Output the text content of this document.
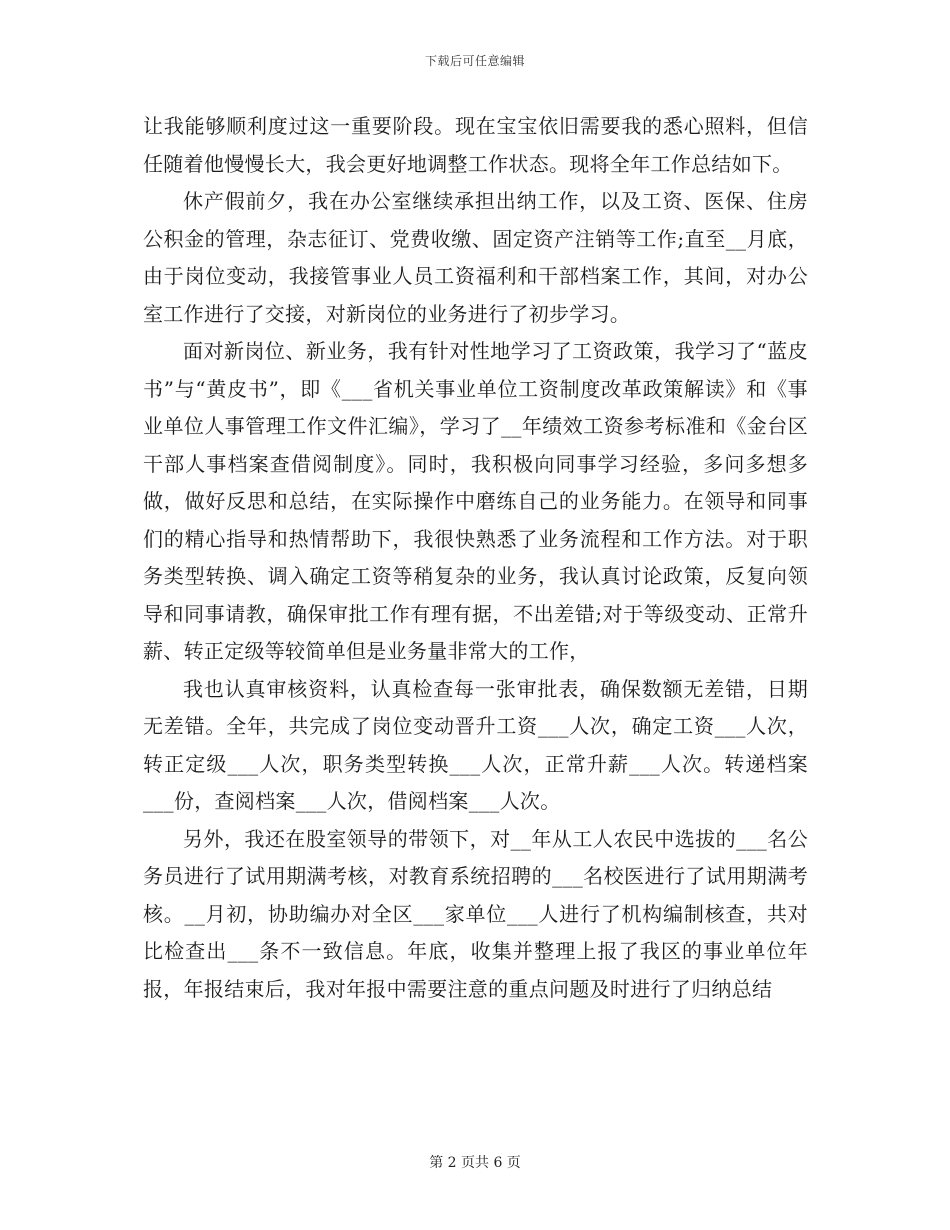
下载后可任意编辑

让我能够顺利度过这一重要阶段。现在宝宝依旧需要我的悉心照料，但信任随着他慢慢长大，我会更好地调整工作状态。现将全年工作总结如下。

休产假前夕，我在办公室继续承担出纳工作，以及工资、医保、住房公积金的管理，杂志征订、党费收缴、固定资产注销等工作;直至__月底，由于岗位变动，我接管事业人员工资福利和干部档案工作，其间，对办公室工作进行了交接，对新岗位的业务进行了初步学习。

面对新岗位、新业务，我有针对性地学习了工资政策，我学习了“蓝皮书”与“黄皮书”，即《___省机关事业单位工资制度改革政策解读》和《事业单位人事管理工作文件汇编》，学习了__年绩效工资参考标准和《金台区干部人事档案查借阅制度》。同时，我积极向同事学习经验，多问多想多做，做好反思和总结，在实际操作中磨练自己的业务能力。在领导和同事们的精心指导和热情帮助下，我很快熟悉了业务流程和工作方法。对于职务类型转换、调入确定工资等稍复杂的业务，我认真讨论政策，反复向领导和同事请教，确保审批工作有理有据，不出差错;对于等级变动、正常升薪、转正定级等较简单但是业务量非常大的工作，

我也认真审核资料，认真检查每一张审批表，确保数额无差错，日期无差错。全年，共完成了岗位变动晋升工资___人次，确定工资___人次，转正定级___人次，职务类型转换___人次，正常升薪___人次。转递档案___份，查阅档案___人次，借阅档案___人次。

另外，我还在股室领导的带领下，对__年从工人农民中选拔的___名公务员进行了试用期满考核，对教育系统招聘的___名校医进行了试用期满考核。__月初，协助编办对全区___家单位___人进行了机构编制核查，共对比检查出___条不一致信息。年底，收集并整理上报了我区的事业单位年报，年报结束后，我对年报中需要注意的重点问题及时进行了归纳总结

第 2 页共 6 页
